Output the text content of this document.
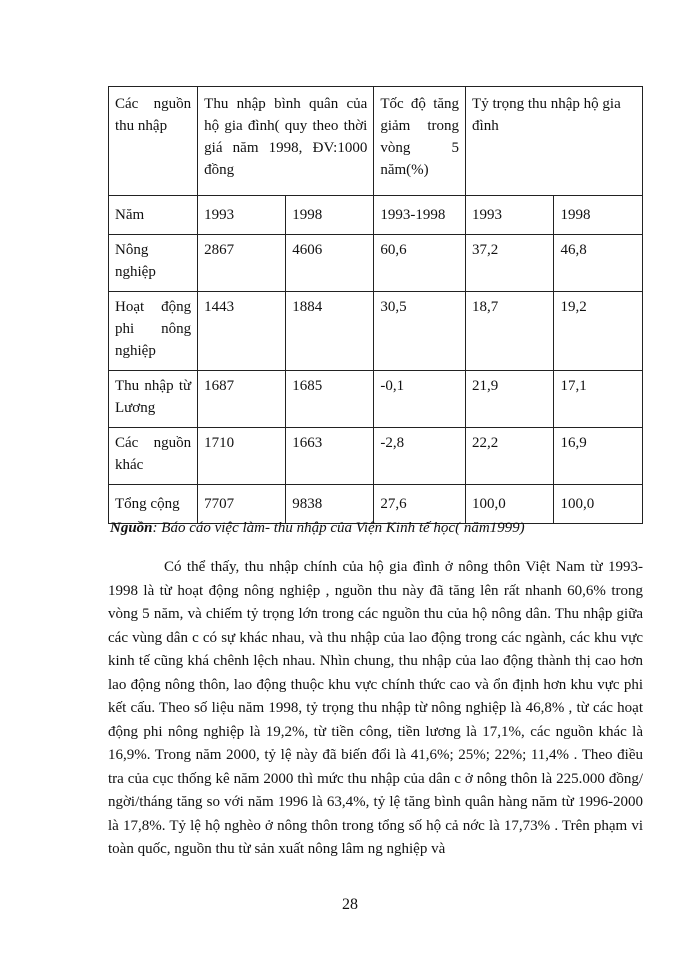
Các nguồn thu nhập	Thu nhập bình quân của hộ gia đình( quy theo thời giá năm 1998, ĐV:1000 đồng		Tốc độ tăng giảm trong vòng 5 năm(%)	Tỷ trọng thu nhập hộ gia đình	
Năm	1993	1998	1993-1998	1993	1998
Nông nghiệp	2867	4606	60,6	37,2	46,8
Hoạt động phi nông nghiệp	1443	1884	30,5	18,7	19,2
Thu nhập từ Lương	1687	1685	-0,1	21,9	17,1
Các nguồn khác	1710	1663	-2,8	22,2	16,9
Tổng cộng	7707	9838	27,6	100,0	100,0
Nguồn: Báo cáo việc làm- thu nhập của Viện Kinh tế học( năm1999)

Có thể thấy, thu nhập chính của hộ gia đình ở nông thôn Việt Nam từ 1993-1998 là từ hoạt động nông nghiệp , nguồn thu này đã tăng lên rất nhanh 60,6% trong vòng 5 năm, và chiếm tỷ trọng lớn trong các nguồn thu của hộ nông dân. Thu nhập giữa các vùng dân c có sự khác nhau, và thu nhập của lao động trong các ngành, các khu vực kinh tế cũng khá chênh lệch nhau. Nhìn chung, thu nhập của lao động thành thị cao hơn lao động nông thôn, lao động thuộc khu vực chính thức cao và ổn định hơn khu vực phi kết cấu. Theo số liệu năm 1998, tỷ trọng thu nhập từ nông nghiệp là 46,8% , từ các hoạt động phi nông nghiệp là 19,2%, từ tiền công, tiền lương là 17,1%, các nguồn khác là 16,9%. Trong năm 2000, tỷ lệ này đã biến đổi là 41,6%; 25%; 22%; 11,4% . Theo điều tra của cục thống kê năm 2000 thì mức thu nhập của dân c ở nông thôn là 225.000 đồng/ ngời/tháng tăng so với năm 1996 là 63,4%, tỷ lệ tăng bình quân hàng năm từ 1996-2000 là 17,8%. Tỷ lệ hộ nghèo ở nông thôn trong tổng số hộ cả nớc là 17,73% . Trên phạm vi toàn quốc, nguồn thu từ sản xuất nông lâm ng nghiệp và

28
